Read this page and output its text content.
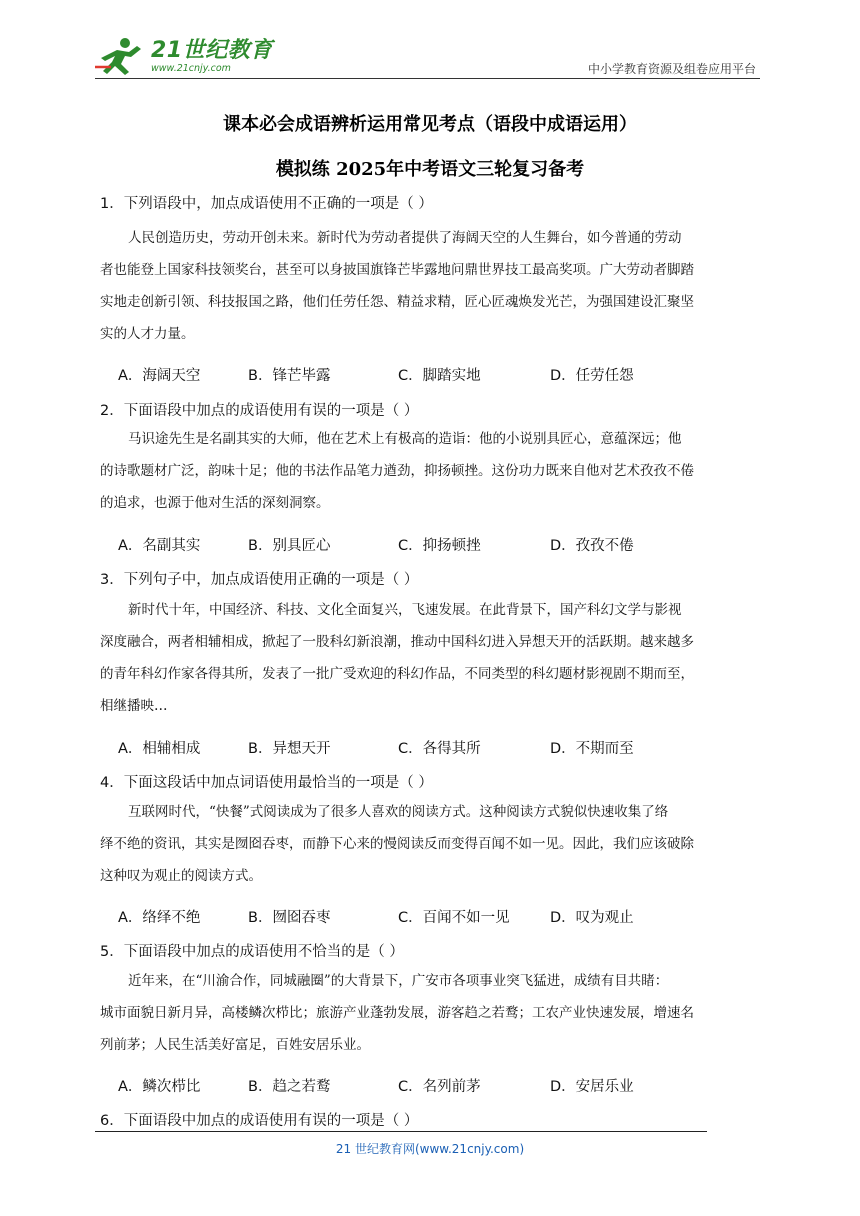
21世纪教育
www.21cnjy.com	中小学教育资源及组卷应用平台
课本必会成语辨析运用常见考点（语段中成语运用）
模拟练 2025年中考语文三轮复习备考
1．下列语段中，加点成语使用不正确的一项是（ ）
人民创造历史，劳动开创未来。新时代为劳动者提供了海阔天空的人生舞台，如今普通的劳动
者也能登上国家科技领奖台，甚至可以身披国旗锋芒毕露地问鼎世界技工最高奖项。广大劳动者脚踏
实地走创新引领、科技报国之路，他们任劳任怨、精益求精，匠心匠魂焕发光芒，为强国建设汇聚坚
实的人才力量。
A．海阔天空	B．锋芒毕露	C．脚踏实地	D．任劳任怨
2．下面语段中加点的成语使用有误的一项是（ ）
马识途先生是名副其实的大师，他在艺术上有极高的造诣：他的小说别具匠心，意蕴深远；他
的诗歌题材广泛，韵味十足；他的书法作品笔力遒劲，抑扬顿挫。这份功力既来自他对艺术孜孜不倦
的追求，也源于他对生活的深刻洞察。
A．名副其实	B．别具匠心	C．抑扬顿挫	D．孜孜不倦
3．下列句子中，加点成语使用正确的一项是（ ）
新时代十年，中国经济、科技、文化全面复兴，飞速发展。在此背景下，国产科幻文学与影视
深度融合，两者相辅相成，掀起了一股科幻新浪潮，推动中国科幻进入异想天开的活跃期。越来越多
的青年科幻作家各得其所，发表了一批广受欢迎的科幻作品，不同类型的科幻题材影视剧不期而至，
相继播映…
A．相辅相成	B．异想天开	C．各得其所	D．不期而至
4．下面这段话中加点词语使用最恰当的一项是（ ）
互联网时代，“快餐”式阅读成为了很多人喜欢的阅读方式。这种阅读方式貌似快速收集了络
绎不绝的资讯，其实是囫囵吞枣，而静下心来的慢阅读反而变得百闻不如一见。因此，我们应该破除
这种叹为观止的阅读方式。
A．络绎不绝	B．囫囵吞枣	C．百闻不如一见	D．叹为观止
5．下面语段中加点的成语使用不恰当的是（ ）
近年来，在“川渝合作，同城融圈”的大背景下，广安市各项事业突飞猛进，成绩有目共睹：
城市面貌日新月异，高楼鳞次栉比；旅游产业蓬勃发展，游客趋之若鹜；工农产业快速发展，增速名
列前茅；人民生活美好富足，百姓安居乐业。
A．鳞次栉比	B．趋之若鹜	C．名列前茅	D．安居乐业
6．下面语段中加点的成语使用有误的一项是（ ）
21 世纪教育网(www.21cnjy.com)
